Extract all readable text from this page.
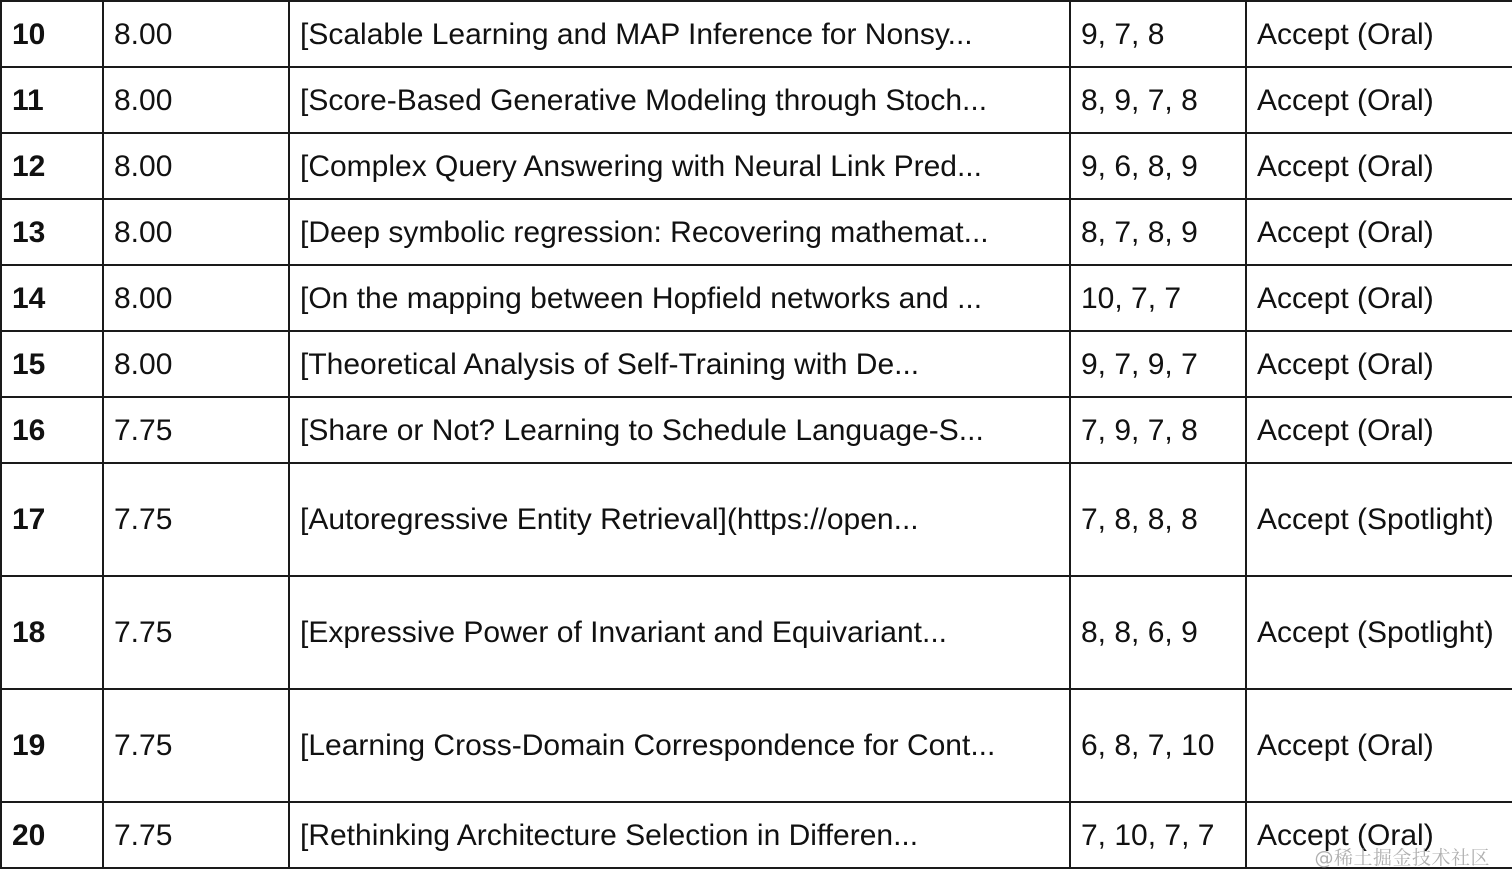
10	8.00	[Scalable Learning and MAP Inference for Nonsy...	9, 7, 8	Accept (Oral)
11	8.00	[Score-Based Generative Modeling through Stoch...	8, 9, 7, 8	Accept (Oral)
12	8.00	[Complex Query Answering with Neural Link Pred...	9, 6, 8, 9	Accept (Oral)
13	8.00	[Deep symbolic regression: Recovering mathemat...	8, 7, 8, 9	Accept (Oral)
14	8.00	[On the mapping between Hopfield networks and ...	10, 7, 7	Accept (Oral)
15	8.00	[Theoretical Analysis of Self-Training with De...	9, 7, 9, 7	Accept (Oral)
16	7.75	[Share or Not? Learning to Schedule Language-S...	7, 9, 7, 8	Accept (Oral)
17	7.75	[Autoregressive Entity Retrieval](https://open...	7, 8, 8, 8	Accept (Spotlight)
18	7.75	[Expressive Power of Invariant and Equivariant...	8, 8, 6, 9	Accept (Spotlight)
19	7.75	[Learning Cross-Domain Correspondence for Cont...	6, 8, 7, 10	Accept (Oral)
20	7.75	[Rethinking Architecture Selection in Differen...	7, 10, 7, 7	Accept (Oral)
@稀土掘金技术社区
